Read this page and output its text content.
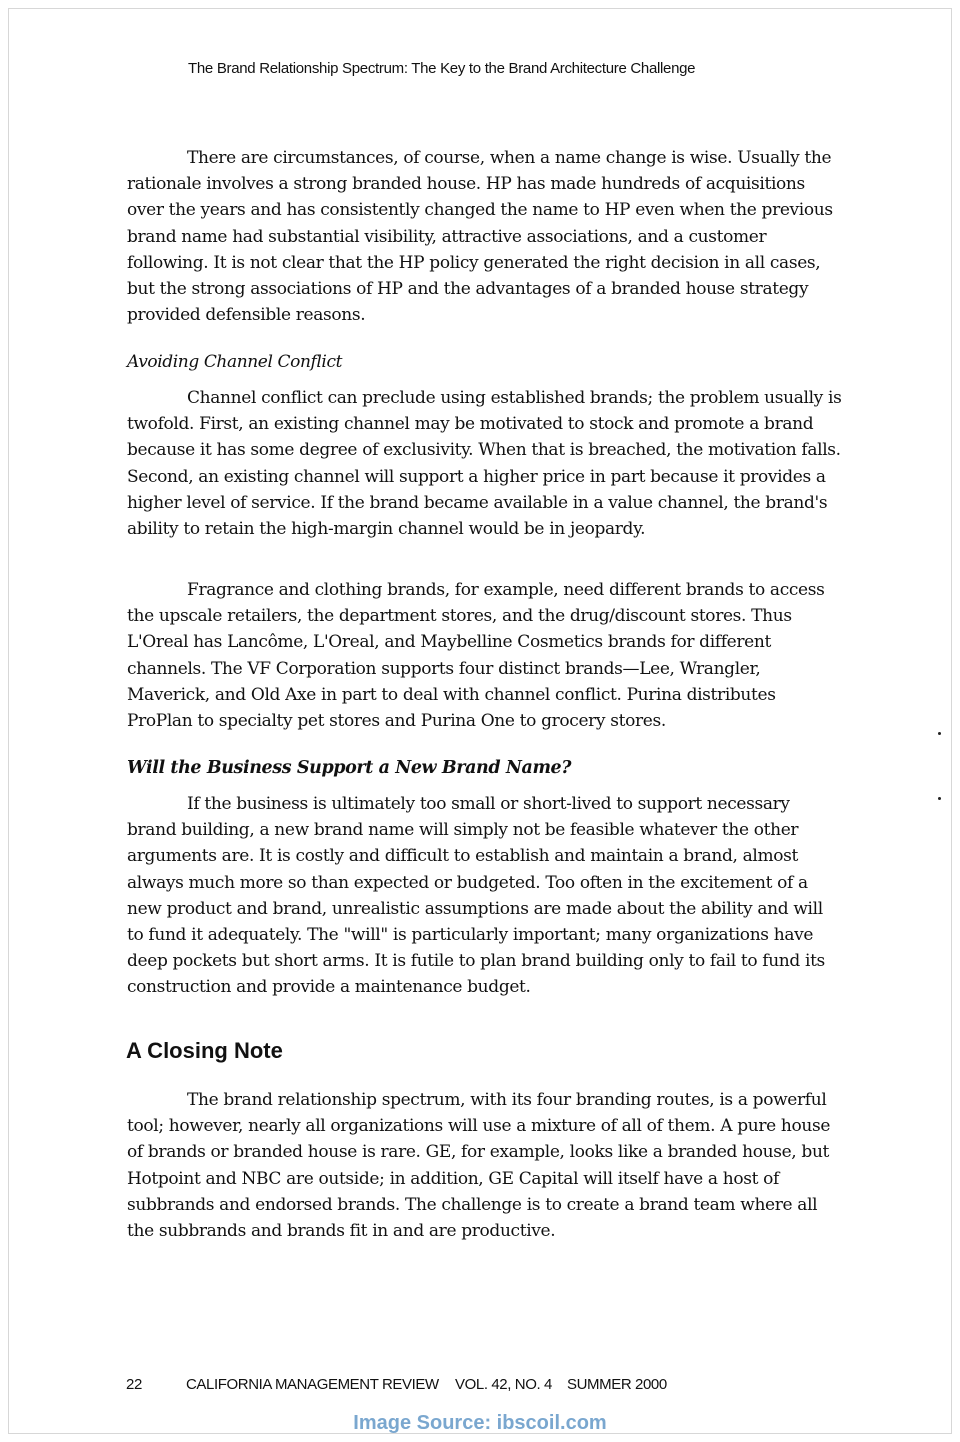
The Brand Relationship Spectrum: The Key to the Brand Architecture Challenge

There are circumstances, of course, when a name change is wise. Usually the rationale involves a strong branded house. HP has made hundreds of acquisitions over the years and has consistently changed the name to HP even when the previous brand name had substantial visibility, attractive associations, and a customer following. It is not clear that the HP policy generated the right decision in all cases, but the strong associations of HP and the advantages of a branded house strategy provided defensible reasons.

Avoiding Channel Conflict

Channel conflict can preclude using established brands; the problem usually is twofold. First, an existing channel may be motivated to stock and promote a brand because it has some degree of exclusivity. When that is breached, the motivation falls. Second, an existing channel will support a higher price in part because it provides a higher level of service. If the brand became available in a value channel, the brand's ability to retain the high-margin channel would be in jeopardy.

Fragrance and clothing brands, for example, need different brands to access the upscale retailers, the department stores, and the drug/discount stores. Thus L'Oreal has Lancôme, L'Oreal, and Maybelline Cosmetics brands for different channels. The VF Corporation supports four distinct brands—Lee, Wrangler, Maverick, and Old Axe in part to deal with channel conflict. Purina distributes ProPlan to specialty pet stores and Purina One to grocery stores.

Will the Business Support a New Brand Name?

If the business is ultimately too small or short-lived to support necessary brand building, a new brand name will simply not be feasible whatever the other arguments are. It is costly and difficult to establish and maintain a brand, almost always much more so than expected or budgeted. Too often in the excitement of a new product and brand, unrealistic assumptions are made about the ability and will to fund it adequately. The "will" is particularly important; many organizations have deep pockets but short arms. It is futile to plan brand building only to fail to fund its construction and provide a maintenance budget.

A Closing Note

The brand relationship spectrum, with its four branding routes, is a powerful tool; however, nearly all organizations will use a mixture of all of them. A pure house of brands or branded house is rare. GE, for example, looks like a branded house, but Hotpoint and NBC are outside; in addition, GE Capital will itself have a host of subbrands and endorsed brands. The challenge is to create a brand team where all the subbrands and brands fit in and are productive.

22	CALIFORNIA MANAGEMENT REVIEW VOL. 42, NO. 4 SUMMER 2000
Image Source: ibscoil.com
